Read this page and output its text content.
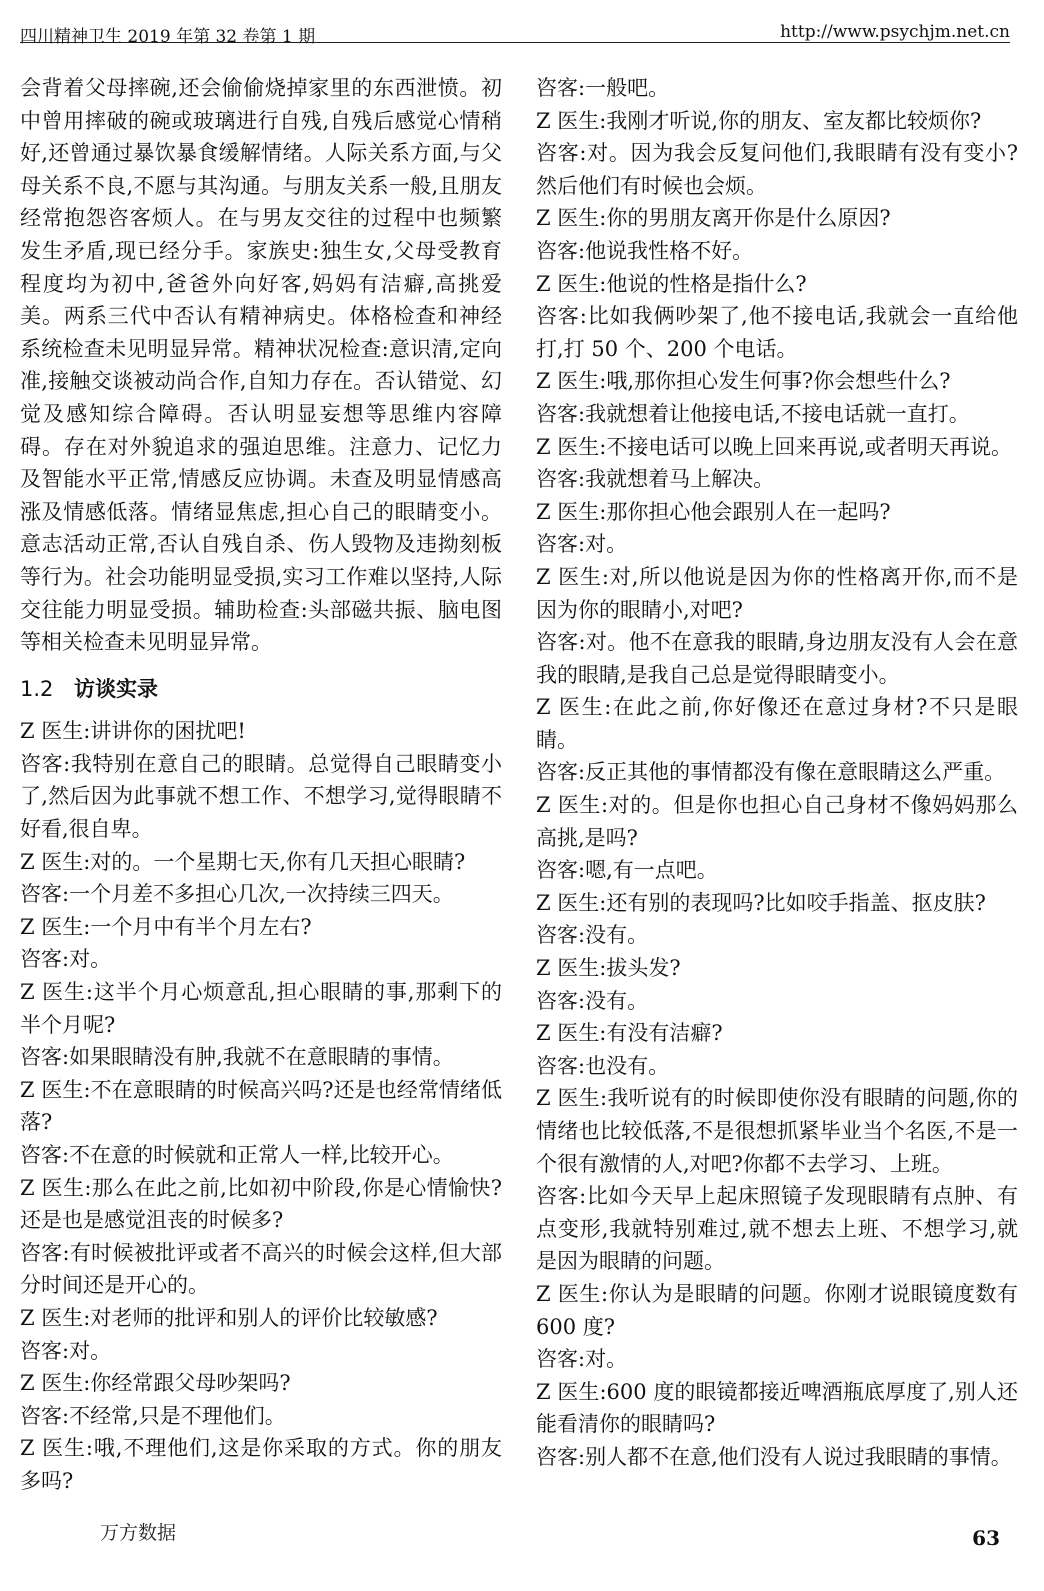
四川精神卫生 2019 年第 32 卷第 1 期	http://www.psychjm.net.cn

会背着父母摔碗,还会偷偷烧掉家里的东西泄愤。初中曾用摔破的碗或玻璃进行自残,自残后感觉心情稍好,还曾通过暴饮暴食缓解情绪。人际关系方面,与父母关系不良,不愿与其沟通。与朋友关系一般,且朋友经常抱怨咨客烦人。在与男友交往的过程中也频繁发生矛盾,现已经分手。家族史:独生女,父母受教育程度均为初中,爸爸外向好客,妈妈有洁癖,高挑爱美。两系三代中否认有精神病史。体格检查和神经系统检查未见明显异常。精神状况检查:意识清,定向准,接触交谈被动尚合作,自知力存在。否认错觉、幻觉及感知综合障碍。否认明显妄想等思维内容障碍。存在对外貌追求的强迫思维。注意力、记忆力及智能水平正常,情感反应协调。未查及明显情感高涨及情感低落。情绪显焦虑,担心自己的眼睛变小。意志活动正常,否认自残自杀、伤人毁物及违拗刻板等行为。社会功能明显受损,实习工作难以坚持,人际交往能力明显受损。辅助检查:头部磁共振、脑电图等相关检查未见明显异常。

1.2 访谈实录

Z 医生:讲讲你的困扰吧!

咨客:我特别在意自己的眼睛。总觉得自己眼睛变小了,然后因为此事就不想工作、不想学习,觉得眼睛不好看,很自卑。

Z 医生:对的。一个星期七天,你有几天担心眼睛?

咨客:一个月差不多担心几次,一次持续三四天。

Z 医生:一个月中有半个月左右?

咨客:对。

Z 医生:这半个月心烦意乱,担心眼睛的事,那剩下的半个月呢?

咨客:如果眼睛没有肿,我就不在意眼睛的事情。

Z 医生:不在意眼睛的时候高兴吗?还是也经常情绪低落?

咨客:不在意的时候就和正常人一样,比较开心。

Z 医生:那么在此之前,比如初中阶段,你是心情愉快?还是也是感觉沮丧的时候多?

咨客:有时候被批评或者不高兴的时候会这样,但大部分时间还是开心的。

Z 医生:对老师的批评和别人的评价比较敏感?

咨客:对。

Z 医生:你经常跟父母吵架吗?

咨客:不经常,只是不理他们。

Z 医生:哦,不理他们,这是你采取的方式。你的朋友多吗?

咨客:一般吧。

Z 医生:我刚才听说,你的朋友、室友都比较烦你?

咨客:对。因为我会反复问他们,我眼睛有没有变小?然后他们有时候也会烦。

Z 医生:你的男朋友离开你是什么原因?

咨客:他说我性格不好。

Z 医生:他说的性格是指什么?

咨客:比如我俩吵架了,他不接电话,我就会一直给他打,打 50 个、200 个电话。

Z 医生:哦,那你担心发生何事?你会想些什么?

咨客:我就想着让他接电话,不接电话就一直打。

Z 医生:不接电话可以晚上回来再说,或者明天再说。

咨客:我就想着马上解决。

Z 医生:那你担心他会跟别人在一起吗?

咨客:对。

Z 医生:对,所以他说是因为你的性格离开你,而不是因为你的眼睛小,对吧?

咨客:对。他不在意我的眼睛,身边朋友没有人会在意我的眼睛,是我自己总是觉得眼睛变小。

Z 医生:在此之前,你好像还在意过身材?不只是眼睛。

咨客:反正其他的事情都没有像在意眼睛这么严重。

Z 医生:对的。但是你也担心自己身材不像妈妈那么高挑,是吗?

咨客:嗯,有一点吧。

Z 医生:还有别的表现吗?比如咬手指盖、抠皮肤?

咨客:没有。

Z 医生:拔头发?

咨客:没有。

Z 医生:有没有洁癖?

咨客:也没有。

Z 医生:我听说有的时候即使你没有眼睛的问题,你的情绪也比较低落,不是很想抓紧毕业当个名医,不是一个很有激情的人,对吧?你都不去学习、上班。

咨客:比如今天早上起床照镜子发现眼睛有点肿、有点变形,我就特别难过,就不想去上班、不想学习,就是因为眼睛的问题。

Z 医生:你认为是眼睛的问题。你刚才说眼镜度数有 600 度?

咨客:对。

Z 医生:600 度的眼镜都接近啤酒瓶底厚度了,别人还能看清你的眼睛吗?

咨客:别人都不在意,他们没有人说过我眼睛的事情。

万方数据	63
